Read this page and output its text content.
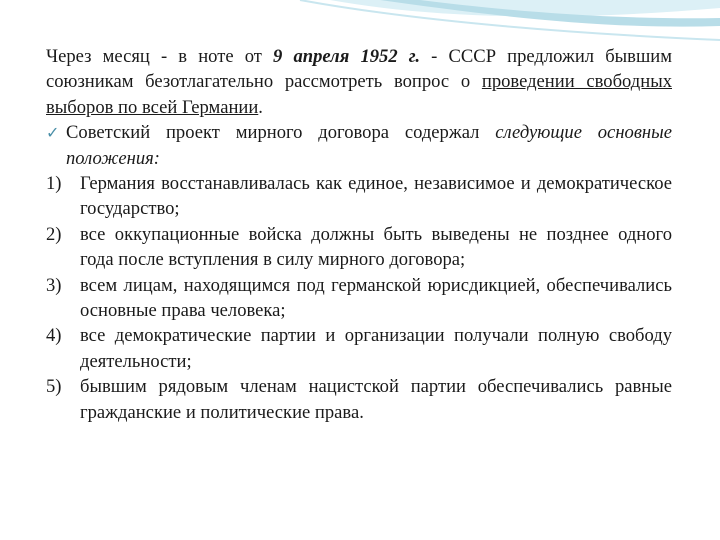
Через месяц - в ноте от 9 апреля 1952 г. - СССР предложил бывшим союзникам безотлагательно рассмотреть вопрос о проведении свободных выборов по всей Германии.
✓ Советский проект мирного договора содержал следующие основные положения:
1) Германия восстанавливалась как единое, независимое и демократическое государство;
2) все оккупационные войска должны быть выведены не позднее одного года после вступления в силу мирного договора;
3) всем лицам, находящимся под германской юрисдикцией, обеспечивались основные права человека;
4) все демократические партии и организации получали полную свободу деятельности;
5) бывшим рядовым членам нацистской партии обеспечивались равные гражданские и политические права.
